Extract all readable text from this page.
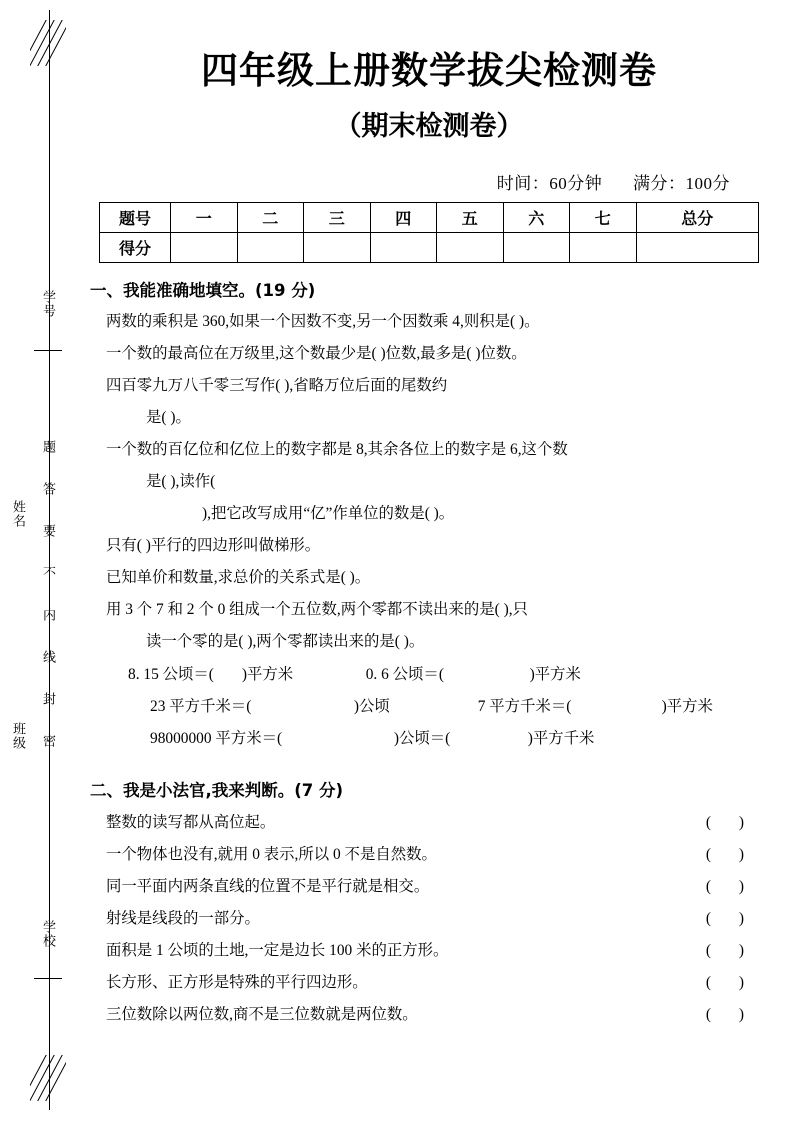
学号
题
答
要
不
内
线
封
密
姓名
班级
学校
四年级上册数学拔尖检测卷
（期末检测卷）
时间：60分钟 满分：100分
题号	一	二	三	四	五	六	七	总分
得分								
一、我能准确地填空。(19 分)
两数的乘积是 360,如果一个因数不变,另一个因数乘 4,则积是( )。
一个数的最高位在万级里,这个数最少是( )位数,最多是( )位数。
四百零九万八千零三写作( ),省略万位后面的尾数约
是( )。
一个数的百亿位和亿位上的数字都是 8,其余各位上的数字是 6,这个数
是( ),读作(
),把它改写成用“亿”作单位的数是( )。
只有( )平行的四边形叫做梯形。
已知单价和数量,求总价的关系式是( )。
用 3 个 7 和 2 个 0 组成一个五位数,两个零都不读出来的是( ),只
读一个零的是( ),两个零都读出来的是( )。
8. 15 公顷＝( )平方米	0. 6 公顷＝(	)平方米
23 平方千米＝(	)公顷	7 平方千米＝(	)平方米
98000000 平方米＝(	)公顷＝(	)平方千米
二、我是小法官,我来判断。(7 分)
整数的读写都从高位起。	( )
一个物体也没有,就用 0 表示,所以 0 不是自然数。	( )
同一平面内两条直线的位置不是平行就是相交。	( )
射线是线段的一部分。	( )
面积是 1 公顷的土地,一定是边长 100 米的正方形。	( )
长方形、正方形是特殊的平行四边形。	( )
三位数除以两位数,商不是三位数就是两位数。	( )
